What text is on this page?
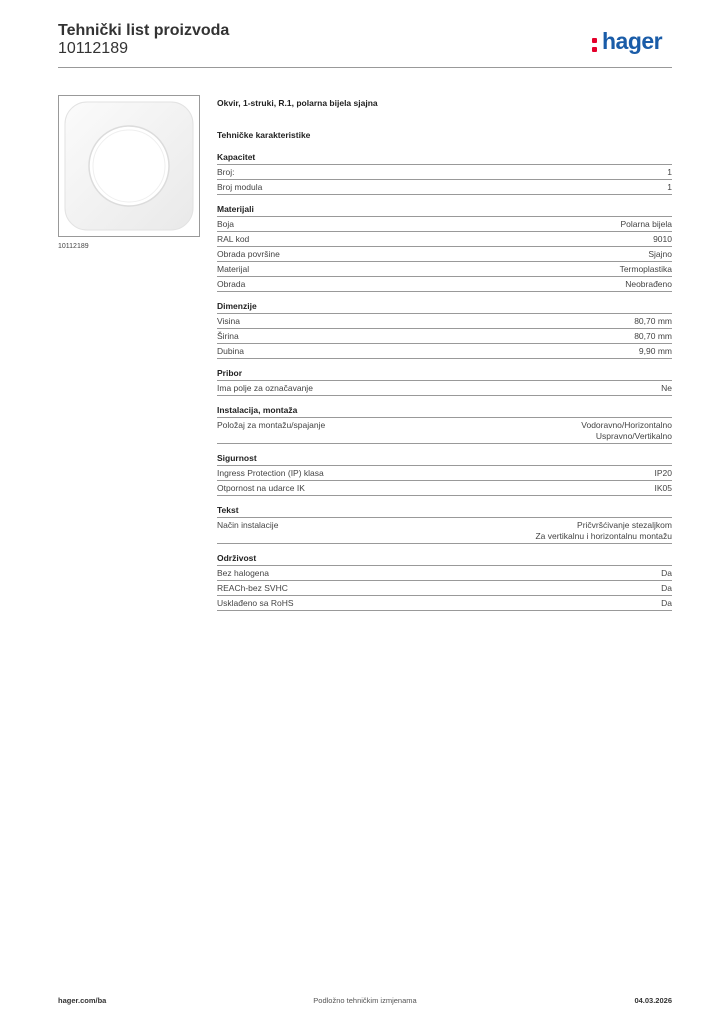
Tehnički list proizvoda
10112189	hager
10112189
Okvir, 1-struki, R.1, polarna bijela sjajna
Tehničke karakteristike
Kapacitet
Broj:	1
Broj modula	1
Materijali
Boja	Polarna bijela
RAL kod	9010
Obrada površine	Sjajno
Materijal	Termoplastika
Obrada	Neobrađeno
Dimenzije
Visina	80,70 mm
Širina	80,70 mm
Dubina	9,90 mm
Pribor
Ima polje za označavanje	Ne
Instalacija, montaža
Položaj za montažu/spajanje	Vodoravno/Horizontalno
Uspravno/Vertikalno
Sigurnost
Ingress Protection (IP) klasa	IP20
Otpornost na udarce IK	IK05
Tekst
Način instalacije	Pričvršćivanje stezaljkom
Za vertikalnu i horizontalnu montažu
Održivost
Bez halogena	Da
REACh-bez SVHC	Da
Usklađeno sa RoHS	Da
Podložno tehničkim izmjenama
hager.com/ba	04.03.2026
